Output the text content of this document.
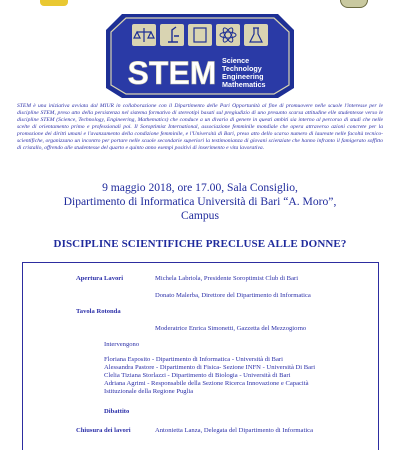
STEM Science
Technology
Engineering
Mathematics

STEM è una iniziativa avviata dal MIUR in collaborazione con il Dipartimento delle Pari Opportunità al fine di promuovere nelle scuole l'interesse per le discipline STEM, preso atto della persistenza nel sistema formativo di stereotipi basati sul pregiudizio di uno presunto scarsa attitudine elle studentesse verso le discipline STEM (Science, Technology, Engineering, Mathematics) che conduce a un divario di genere in questi ambiti sia interno al percorso di studi che nelle scelte di orientamento primo e professionali poi. Il Soroptimist International, associazione femminile mondiale che opera attraverso azioni concrete per la promozione dei diritti umani e l'avanzamento della condizione femminile, e l'Università di Bari, preso atto dello scarso numero di laureate nelle facoltà tecnico-scientifiche, organizzano un incontro per portare nelle scuole secondarie superiori la testimonianza di giovani scienziate che hanno infranto il famigerato soffitto di cristallo, offrendo alle studentesse del quarto e quinto anno esempi positivi di inserimento e vita lavorativa.

9 maggio 2018, ore 17.00, Sala Consiglio,
Dipartimento di Informatica Università di Bari “A. Moro”,
Campus

DISCIPLINE SCIENTIFICHE PRECLUSE ALLE DONNE?

Apertura Lavori	Michela Labriola, Presidente Soroptimist Club di Bari
Donato Malerba, Direttore del Dipartimento di Informatica
Tavola Rotonda
Moderatrice Enrica Simonetti, Gazzetta del Mezzogiorno
Intervengono
Floriana Esposito - Dipartimento di Informatica - Università di Bari
Alessandra Pastore - Dipartimento di Fisica- Sezione INFN - Università Di Bari
Clelia Tiziana Storlazzi - Dipartimento di Biologia - Università di Bari
Adriana Agrimi - Responsabile della Sezione Ricerca Innovazione e Capacità
Istituzionale della Regione Puglia
Dibattito
Chiusura dei lavori	Antonietta Lanza, Delegata del Dipartimento di Informatica
